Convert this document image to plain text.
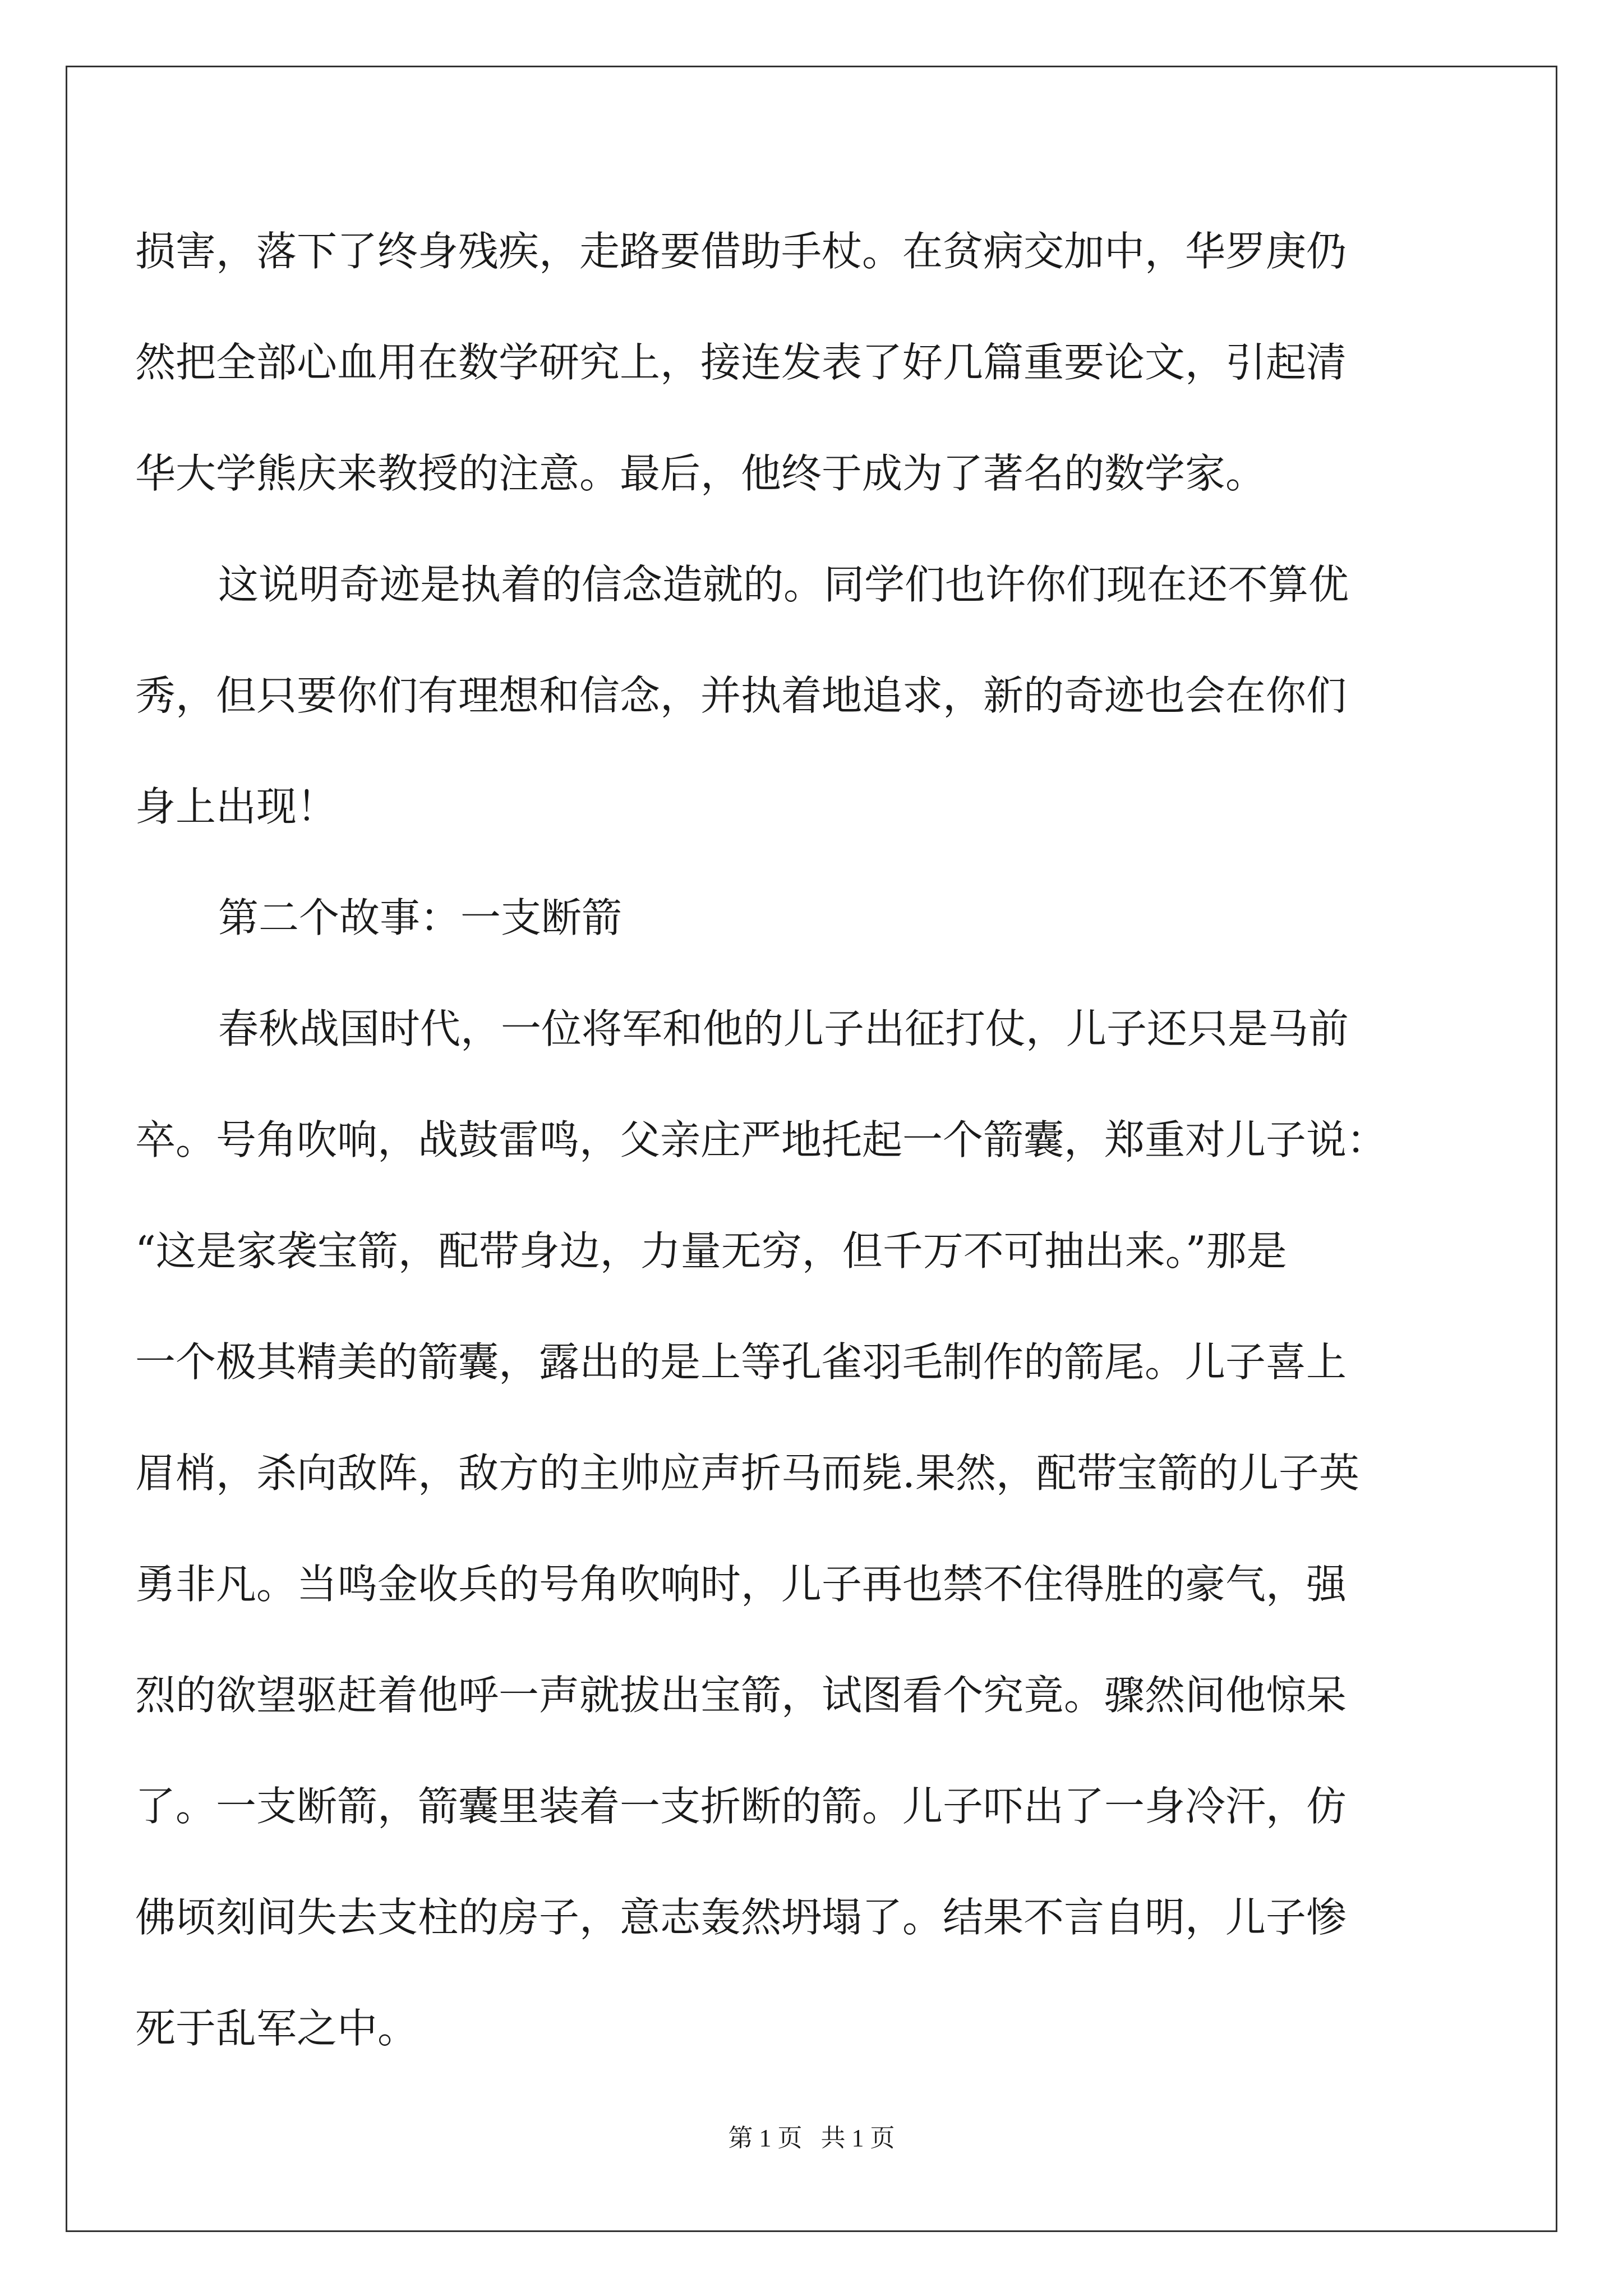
损害，落下了终身残疾，走路要借助手杖。在贫病交加中，华罗庚仍
然把全部心血用在数学研究上，接连发表了好几篇重要论文，引起清
华大学熊庆来教授的注意。最后，他终于成为了著名的数学家。
这说明奇迹是执着的信念造就的。同学们也许你们现在还不算优
秀，但只要你们有理想和信念，并执着地追求，新的奇迹也会在你们
身上出现！
第二个故事：一支断箭
春秋战国时代，一位将军和他的儿子出征打仗，儿子还只是马前
卒。号角吹响，战鼓雷鸣，父亲庄严地托起一个箭囊，郑重对儿子说：
“这是家袭宝箭，配带身边，力量无穷，但千万不可抽出来。”那是
一个极其精美的箭囊，露出的是上等孔雀羽毛制作的箭尾。儿子喜上
眉梢，杀向敌阵，敌方的主帅应声折马而毙.果然，配带宝箭的儿子英
勇非凡。当鸣金收兵的号角吹响时，儿子再也禁不住得胜的豪气，强
烈的欲望驱赶着他呼一声就拔出宝箭，试图看个究竟。骤然间他惊呆
了。一支断箭，箭囊里装着一支折断的箭。儿子吓出了一身冷汗，仿
佛顷刻间失去支柱的房子，意志轰然坍塌了。结果不言自明，儿子惨
死于乱军之中。
第 1 页   共 1 页
